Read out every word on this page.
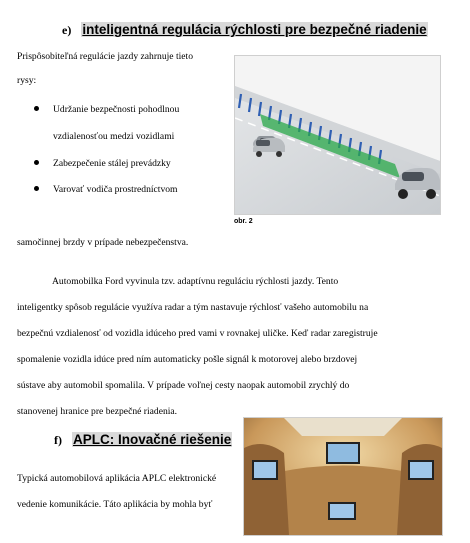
e) inteligentná regulácia rýchlosti pre bezpečné riadenie
Prispôsobiteľná regulácie jazdy zahrnuje tieto
rysy:
Udržanie bezpečnosti pohodlnou
vzdialenosťou medzi vozidlami
Zabezpečenie stálej prevádzky
Varovať vodiča prostredníctvom
obr. 2
samočinnej brzdy v prípade nebezpečenstva.
Automobilka Ford vyvinula tzv. adaptívnu reguláciu rýchlosti jazdy. Tento
inteligentky spôsob regulácie využíva radar a tým nastavuje rýchlosť vašeho automobilu na
bezpečnú vzdialenosť od vozidla idúceho pred vami v rovnakej uličke. Keď radar zaregistruje
spomalenie vozidla idúce pred ním automaticky pošle signál k motorovej alebo brzdovej
sústave aby automobil spomalila. V prípade voľnej cesty naopak automobil zrychlý do
stanovenej hranice pre bezpečné riadenia.
f) APLC: Inovačné riešenie
Typická automobilová aplikácia APLC elektronické
vedenie komunikácie. Táto aplikácia by mohla byť
